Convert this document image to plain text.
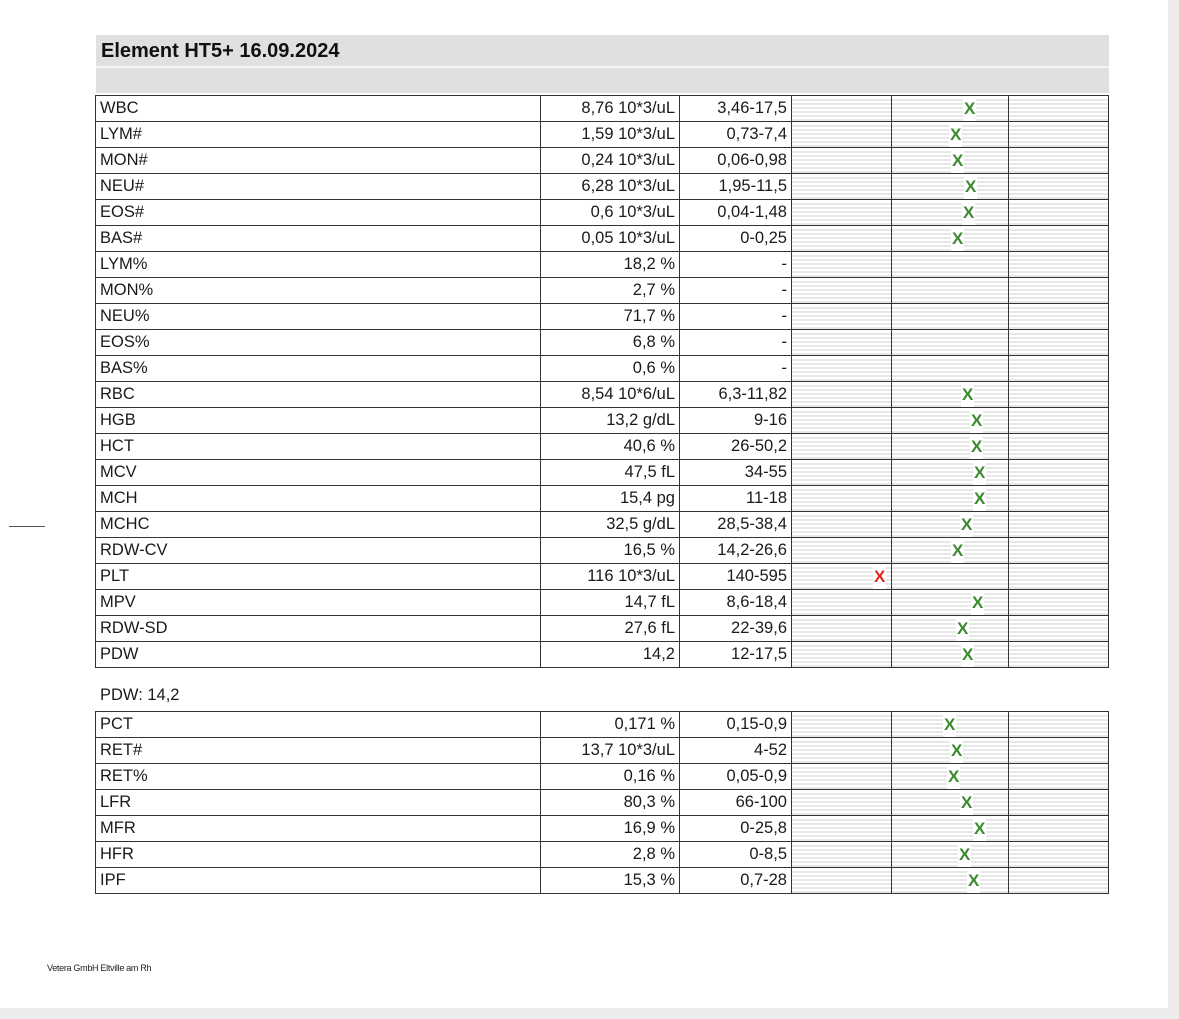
Element HT5+ 16.09.2024
WBC	8,76 10*3/uL	3,46-17,5		X	

LYM#	1,59 10*3/uL	0,73-7,4		X	

MON#	0,24 10*3/uL	0,06-0,98		X	

NEU#	6,28 10*3/uL	1,95-11,5		X	

EOS#	0,6 10*3/uL	0,04-1,48		X	

BAS#	0,05 10*3/uL	0-0,25		X	

LYM%	18,2 %	-			
MON%	2,7 %	-			
NEU%	71,7 %	-			
EOS%	6,8 %	-			
BAS%	0,6 %	-			
RBC	8,54 10*6/uL	6,3-11,82		X	

HGB	13,2 g/dL	9-16		X	

HCT	40,6 %	26-50,2		X	

MCV	47,5 fL	34-55		X	

MCH	15,4 pg	11-18		X	

MCHC	32,5 g/dL	28,5-38,4		X	

RDW-CV	16,5 %	14,2-26,6		X	

PLT	116 10*3/uL	140-595	X		

MPV	14,7 fL	8,6-18,4		X	

RDW-SD	27,6 fL	22-39,6		X	

PDW	14,2	12-17,5		X	

PDW: 14,2
PCT	0,171 %	0,15-0,9		X	

RET#	13,7 10*3/uL	4-52		X	

RET%	0,16 %	0,05-0,9		X	

LFR	80,3 %	66-100		X	

MFR	16,9 %	0-25,8		X	

HFR	2,8 %	0-8,5		X	

IPF	15,3 %	0,7-28		X	

Vetera GmbH Eltville am Rh
